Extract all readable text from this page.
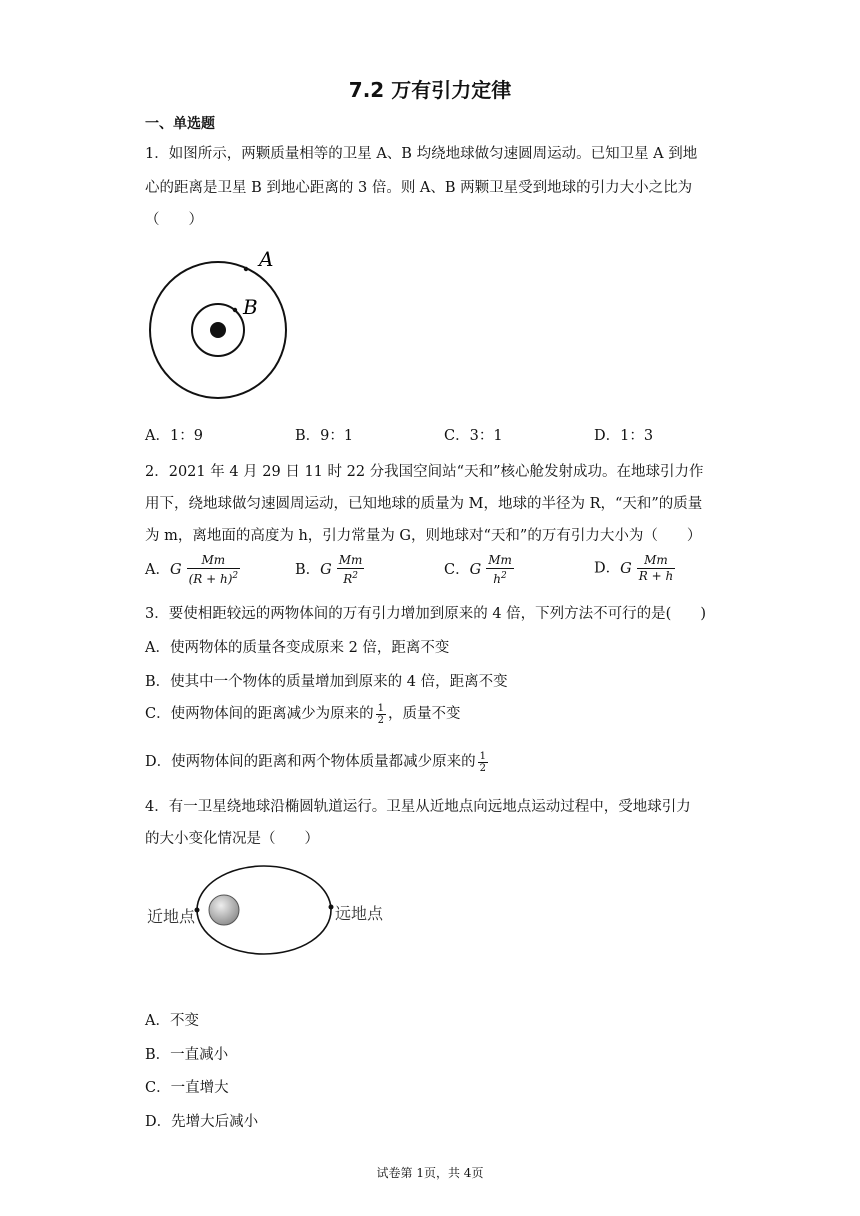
7.2 万有引力定律
一、单选题
1．如图所示，两颗质量相等的卫星 A、B 均绕地球做匀速圆周运动。已知卫星 A 到地
心的距离是卫星 B 到地心距离的 3 倍。则 A、B 两颗卫星受到地球的引力大小之比为
（　　）
A
B
A．1：9	B．9：1	C．3：1	D．1：3
2．2021 年 4 月 29 日 11 时 22 分我国空间站“天和”核心舱发射成功。在地球引力作
用下，绕地球做匀速圆周运动，已知地球的质量为 M，地球的半径为 R，“天和”的质量
为 m，离地面的高度为 h，引力常量为 G，则地球对“天和”的万有引力大小为（　　）
A．G $\frac{Mm}{(R + h)^2}$	B．G $\frac{Mm}{R^2}$	C．G $\frac{Mm}{h^2}$	D．G $\frac{Mm}{R + h}$
3．要使相距较远的两物体间的万有引力增加到原来的 4 倍，下列方法不可行的是(　　)
A．使两物体的质量各变成原来 2 倍，距离不变
B．使其中一个物体的质量增加到原来的 4 倍，距离不变
C．使两物体间的距离减少为原来的 $\frac{1}{2}$ ，质量不变
D．使两物体间的距离和两个物体质量都减少原来的 $\frac{1}{2}$
4．有一卫星绕地球沿椭圆轨道运行。卫星从近地点向远地点运动过程中，受地球引力
的大小变化情况是（　　）
近地点	远地点
A．不变
B．一直减小
C．一直增大
D．先增大后减小
试卷第 1页，共 4页
